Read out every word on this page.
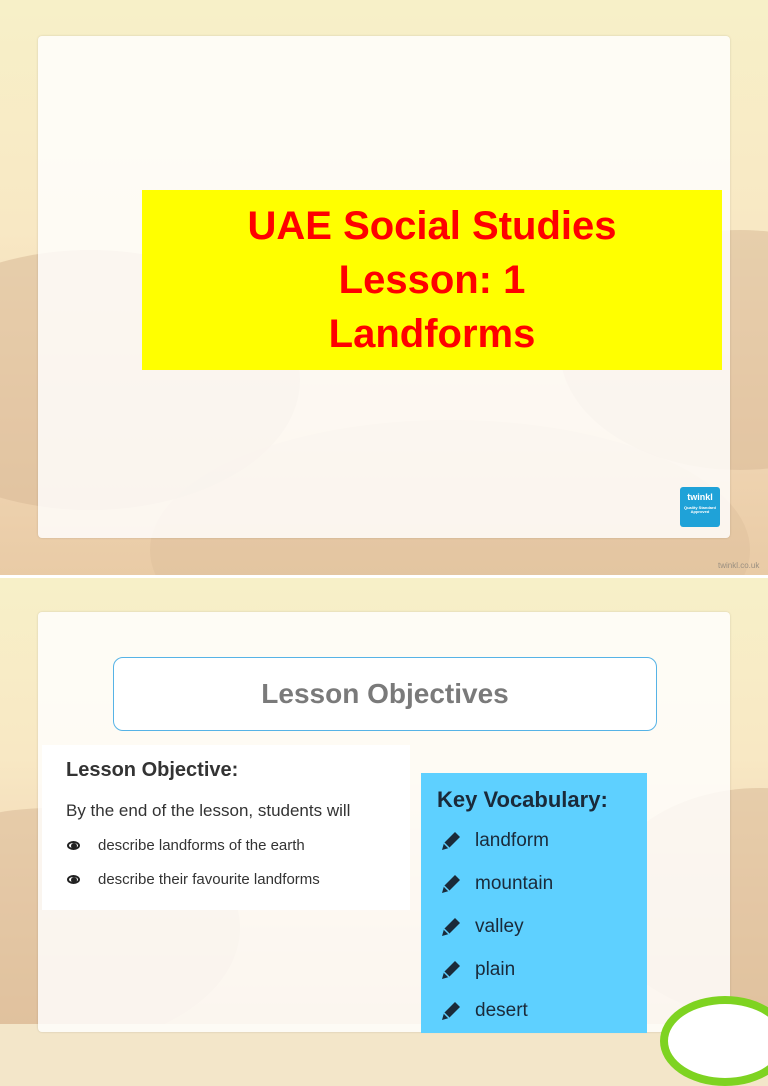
UAE Social Studies
Lesson: 1
Landforms
twinkl
Quality Standard Approved
twinkl.co.uk
Lesson Objectives
Lesson Objective:
By the end of the lesson, students will
describe landforms of the earth
describe their favourite landforms
Key Vocabulary:
landform
mountain
valley
plain
desert
